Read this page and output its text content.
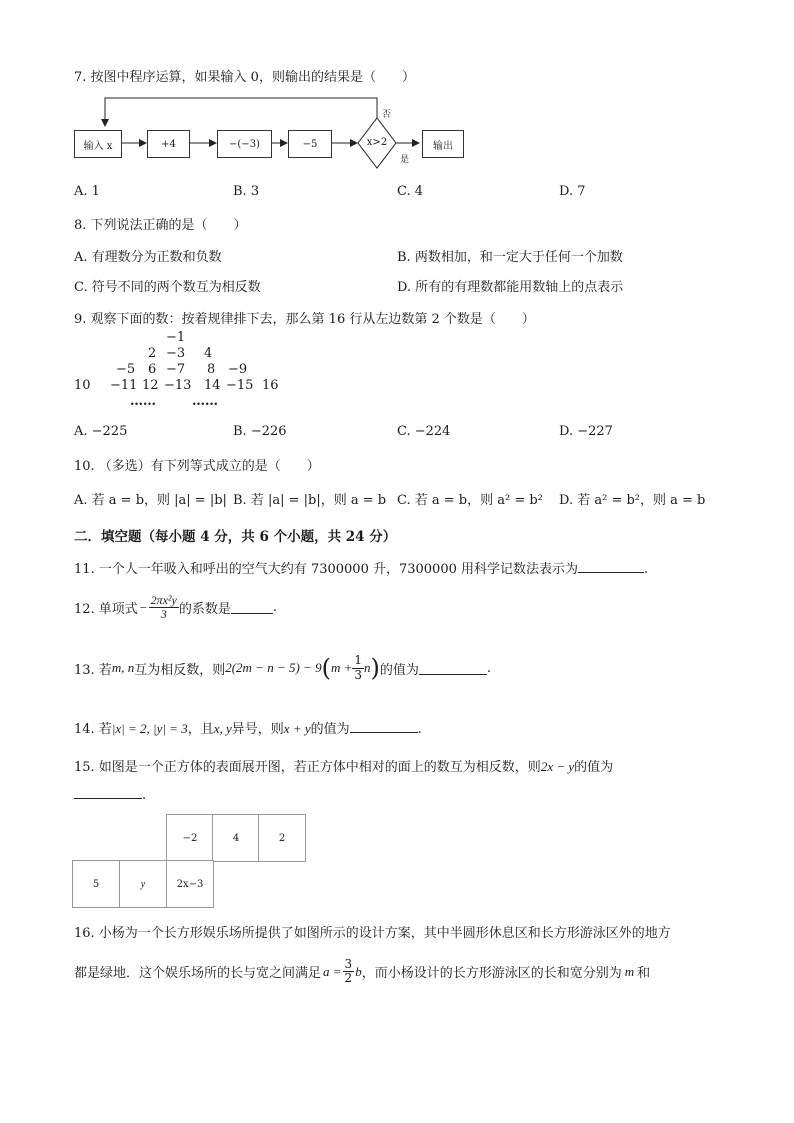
7. 按图中程序运算，如果输入 0，则输出的结果是（　　）
输入 x	+4	−(−3)	−5	x>2	输出
否
是
A. 1	B. 3	C. 4	D. 7
8. 下列说法正确的是（　　）
A. 有理数分为正数和负数	B. 两数相加，和一定大于任何一个加数
C. 符号不同的两个数互为相反数	D. 所有的有理数都能用数轴上的点表示
9. 观察下面的数：按着规律排下去，那么第 16 行从左边数第 2 个数是（　　）
−1
2 −3 4
−5 6 −7 8 −9
10 −11 12 −13 14 −15 16
……	……
A. −225	B. −226	C. −224	D. −227
10. （多选）有下列等式成立的是（　　）
A. 若 a = b，则 |a| = |b| B. 若 |a| = |b|，则 a = b C. 若 a = b，则 a² = b² D. 若 a² = b²，则 a = b
二．填空题（每小题 4 分，共 6 个小题，共 24 分）
11. 一个人一年吸入和呼出的空气大约有 7300000 升，7300000 用科学记数法表示为	.
12. 单项式 − $\frac{\text{2πx²y}}{3}$ 的系数是	.
13. 若 m, n 互为相反数，则 2(2m − n − 5) − 9 ( $m + \frac{1}{3}$ n ) 的值为	.
14. 若|x| = 2, |y| = 3，且x, y异号，则x + y的值为	.
15. 如图是一个正方体的表面展开图，若正方体中相对的面上的数互为相反数，则2x − y的值为
.
−2	4	2
5	y	2x−3
16. 小杨为一个长方形娱乐场所提供了如图所示的设计方案，其中半圆形休息区和长方形游泳区外的地方
都是绿地．这个娱乐场所的长与宽之间满足 $a = \frac{3}{2}$ b ，而小杨设计的长方形游泳区的长和宽分别为 m 和
